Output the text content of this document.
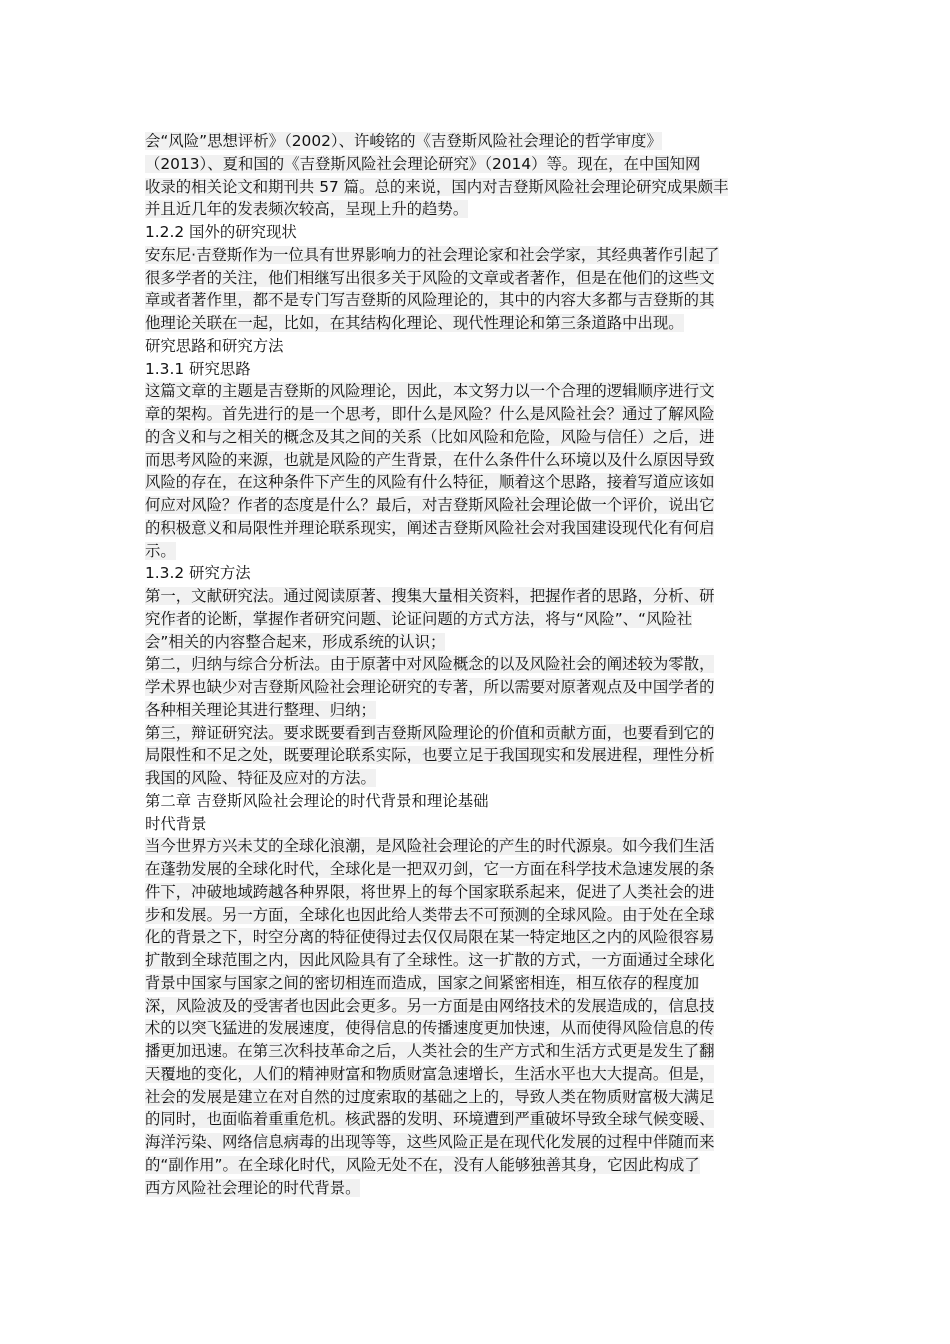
会“风险”思想评析》（2002）、许峻铭的《吉登斯风险社会理论的哲学审度》
（2013）、夏和国的《吉登斯风险社会理论研究》（2014）等。现在，在中国知网
收录的相关论文和期刊共 57 篇。总的来说，国内对吉登斯风险社会理论研究成果颇丰
并且近几年的发表频次较高，呈现上升的趋势。
1.2.2 国外的研究现状
安东尼·吉登斯作为一位具有世界影响力的社会理论家和社会学家，其经典著作引起了
很多学者的关注，他们相继写出很多关于风险的文章或者著作，但是在他们的这些文
章或者著作里，都不是专门写吉登斯的风险理论的，其中的内容大多都与吉登斯的其
他理论关联在一起，比如，在其结构化理论、现代性理论和第三条道路中出现。
研究思路和研究方法
1.3.1 研究思路
这篇文章的主题是吉登斯的风险理论，因此，本文努力以一个合理的逻辑顺序进行文
章的架构。首先进行的是一个思考，即什么是风险？什么是风险社会？通过了解风险
的含义和与之相关的概念及其之间的关系（比如风险和危险，风险与信任）之后，进
而思考风险的来源，也就是风险的产生背景，在什么条件什么环境以及什么原因导致
风险的存在，在这种条件下产生的风险有什么特征，顺着这个思路，接着写道应该如
何应对风险？作者的态度是什么？最后，对吉登斯风险社会理论做一个评价，说出它
的积极意义和局限性并理论联系现实，阐述吉登斯风险社会对我国建设现代化有何启
示。
1.3.2 研究方法
第一，文献研究法。通过阅读原著、搜集大量相关资料，把握作者的思路，分析、研
究作者的论断，掌握作者研究问题、论证问题的方式方法，将与“风险”、“风险社
会”相关的内容整合起来，形成系统的认识；
第二，归纳与综合分析法。由于原著中对风险概念的以及风险社会的阐述较为零散，
学术界也缺少对吉登斯风险社会理论研究的专著，所以需要对原著观点及中国学者的
各种相关理论其进行整理、归纳；
第三，辩证研究法。要求既要看到吉登斯风险理论的价值和贡献方面，也要看到它的
局限性和不足之处，既要理论联系实际，也要立足于我国现实和发展进程，理性分析
我国的风险、特征及应对的方法。
第二章 吉登斯风险社会理论的时代背景和理论基础
时代背景
当今世界方兴未艾的全球化浪潮，是风险社会理论的产生的时代源泉。如今我们生活
在蓬勃发展的全球化时代，全球化是一把双刃剑，它一方面在科学技术急速发展的条
件下，冲破地域跨越各种界限，将世界上的每个国家联系起来，促进了人类社会的进
步和发展。另一方面，全球化也因此给人类带去不可预测的全球风险。由于处在全球
化的背景之下，时空分离的特征使得过去仅仅局限在某一特定地区之内的风险很容易
扩散到全球范围之内，因此风险具有了全球性。这一扩散的方式，一方面通过全球化
背景中国家与国家之间的密切相连而造成，国家之间紧密相连，相互依存的程度加
深，风险波及的受害者也因此会更多。另一方面是由网络技术的发展造成的，信息技
术的以突飞猛进的发展速度，使得信息的传播速度更加快速，从而使得风险信息的传
播更加迅速。在第三次科技革命之后，人类社会的生产方式和生活方式更是发生了翻
天覆地的变化，人们的精神财富和物质财富急速增长，生活水平也大大提高。但是，
社会的发展是建立在对自然的过度索取的基础之上的，导致人类在物质财富极大满足
的同时，也面临着重重危机。核武器的发明、环境遭到严重破坏导致全球气候变暖、
海洋污染、网络信息病毒的出现等等，这些风险正是在现代化发展的过程中伴随而来
的“副作用”。在全球化时代，风险无处不在，没有人能够独善其身，它因此构成了
西方风险社会理论的时代背景。
